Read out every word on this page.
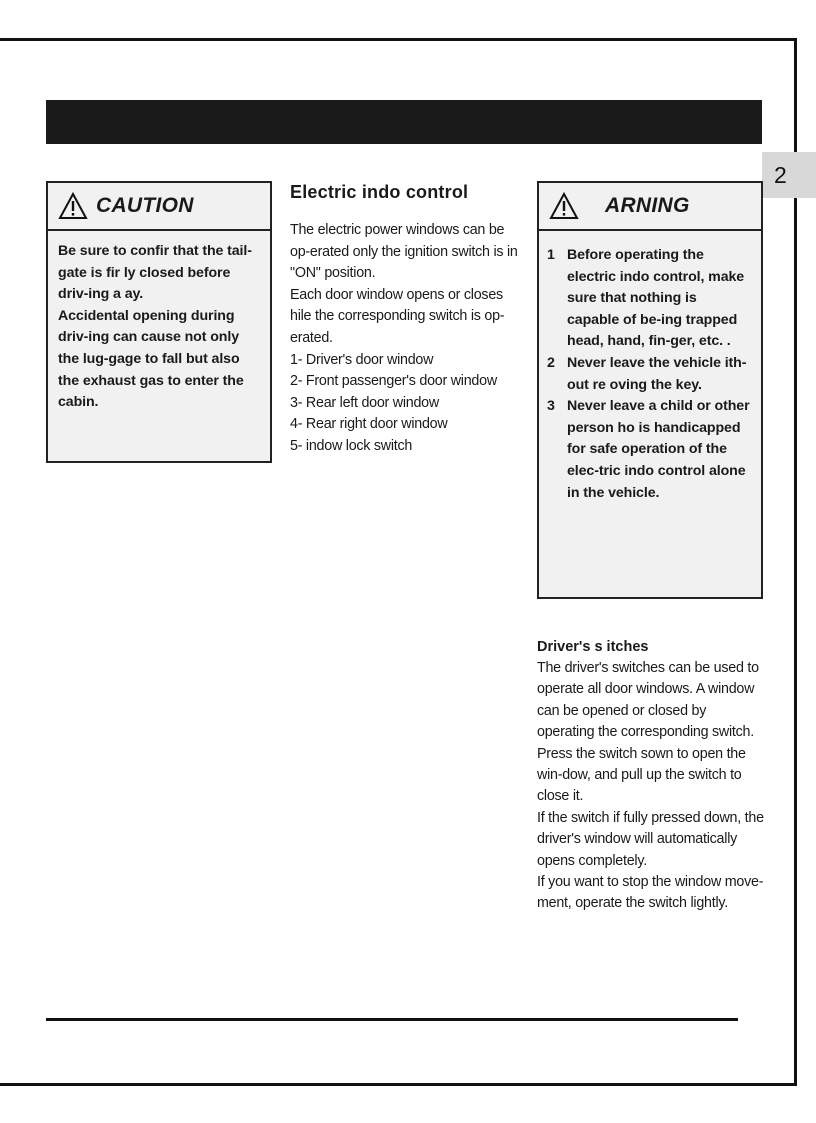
2
CAUTION

Be sure to confir that the tail-gate is fir ly closed before driv-ing a ay.

Accidental opening during driv-ing can cause not only the lug-gage to fall but also the exhaust gas to enter the cabin.

Electric indo control

The electric power windows can be op-erated only the ignition switch is in "ON" position.

Each door window opens or closes hile the corresponding switch is op-erated.

1- Driver's door window
2- Front passenger's door window
3- Rear left door window
4- Rear right door window
5- indow lock switch
ARNING
1 Before operating the electric indo control, make sure that nothing is capable of be-ing trapped head, hand, fin-ger, etc. .
2 Never leave the vehicle ith-out re oving the key.
3 Never leave a child or other person ho is handicapped for safe operation of the elec-tric indo control alone in the vehicle.
Driver's s itches

The driver's switches can be used to operate all door windows. A window can be opened or closed by operating the corresponding switch.

Press the switch sown to open the win-dow, and pull up the switch to close it.

If the switch if fully pressed down, the driver's window will automatically opens completely.

If you want to stop the window move-ment, operate the switch lightly.
